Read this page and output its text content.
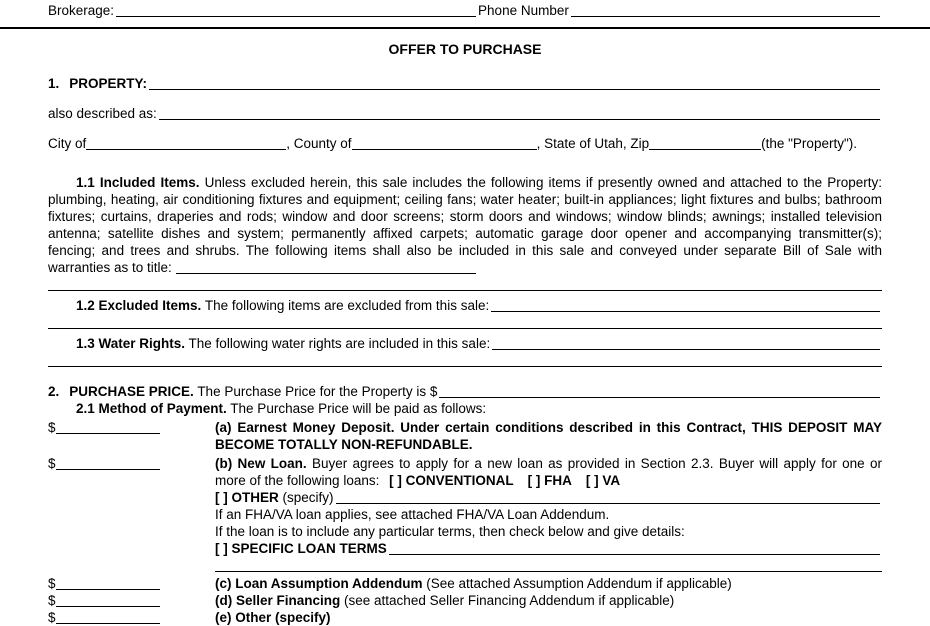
Brokerage:	Phone Number
OFFER TO PURCHASE
1. PROPERTY:
also described as:
City of	, County of	, State of Utah, Zip	(the "Property").

1.1 Included Items. Unless excluded herein, this sale includes the following items if presently owned and attached to the Property: plumbing, heating, air conditioning fixtures and equipment; ceiling fans; water heater; built-in appliances; light fixtures and bulbs; bathroom fixtures; curtains, draperies and rods; window and door screens; storm doors and windows; window blinds; awnings; installed television antenna; satellite dishes and system; permanently affixed carpets; automatic garage door opener and accompanying transmitter(s); fencing; and trees and shrubs. The following items shall also be included in this sale and conveyed under separate Bill of Sale with warranties as to title:

1.2 Excluded Items. The following items are excluded from this sale:
1.3 Water Rights. The following water rights are included in this sale:
2. PURCHASE PRICE. The Purchase Price for the Property is $
2.1 Method of Payment. The Purchase Price will be paid as follows:
$	(a) Earnest Money Deposit. Under certain conditions described in this Contract, THIS DEPOSIT MAY BECOME TOTALLY NON-REFUNDABLE.
$	(b) New Loan. Buyer agrees to apply for a new loan as provided in Section 2.3. Buyer will apply for one or more of the following loans: [ ] CONVENTIONAL [ ] FHA [ ] VA

[ ] OTHER (specify)
If an FHA/VA loan applies, see attached FHA/VA Loan Addendum.
If the loan is to include any particular terms, then check below and give details:
[ ] SPECIFIC LOAN TERMS
$	(c) Loan Assumption Addendum (See attached Assumption Addendum if applicable)
$	(d) Seller Financing (see attached Seller Financing Addendum if applicable)
$	(e) Other (specify)
